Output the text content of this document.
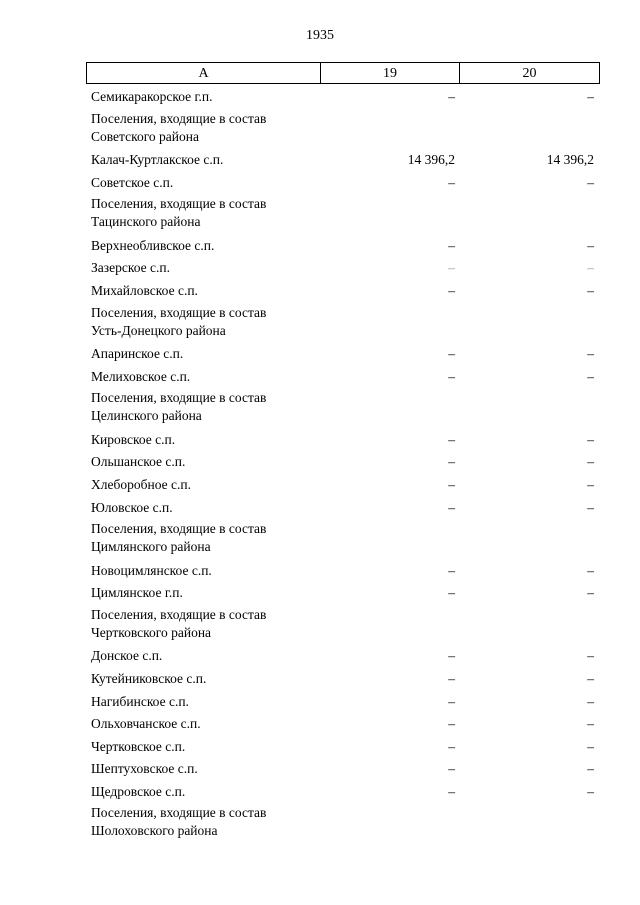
1935
А	19	20
Семикаракорское г.п.	–	–
Поселения, входящие в состав
Советского района
Калач-Куртлакское с.п.	14 396,2	14 396,2
Советское с.п.	–	–
Поселения, входящие в состав
Тацинского района
Верхнеобливское с.п.	–	–
Зазерское с.п.	–	–
Михайловское с.п.	–	–
Поселения, входящие в состав
Усть-Донецкого района
Апаринское с.п.	–	–
Мелиховское с.п.	–	–
Поселения, входящие в состав
Целинского района
Кировское с.п.	–	–
Ольшанское с.п.	–	–
Хлеборобное с.п.	–	–
Юловское с.п.	–	–
Поселения, входящие в состав
Цимлянского района
Новоцимлянское с.п.	–	–
Цимлянское г.п.	–	–
Поселения, входящие в состав
Чертковского района
Донское с.п.	–	–
Кутейниковское с.п.	–	–
Нагибинское с.п.	–	–
Ольховчанское с.п.	–	–
Чертковское с.п.	–	–
Шептуховское с.п.	–	–
Щедровское с.п.	–	–
Поселения, входящие в состав
Шолоховского района
